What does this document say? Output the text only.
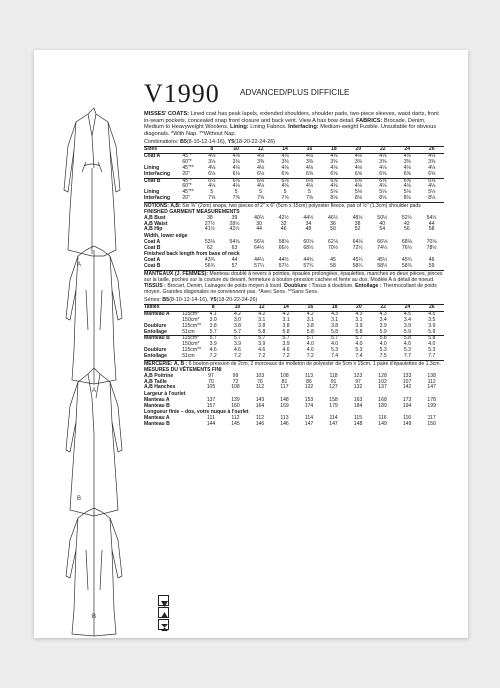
A
A
B
B
V1990 ADVANCED/PLUS DIFFICILE
MISSES' COATS: Lined coat has peak lapels, extended shoulders, shoulder pads, two-piece sleeves, waist darts, front in-seam pockets, concealed snap front closure and back vent. View A has bow detail. FABRICS: Brocade, Denim, Medium to Heavyweight Woolens. Lining: Lining Fabrics. Interfacing: Medium-weight Fusible. Unsuitable for obvious diagonals. *With Nap. **Without Nap.
Combinations: B5(8-10-12-14-16), Y5(18-20-22-24-26)
Sizes		8	10	12	14	16	18	20	22	24	26
Coat A	45"*	4⅛	4⅛	4⅛	4⅛	4⅛	4⅛	4⅛	4⅛	4⅛	4⅛
	60"*	3⅛	3⅛	3⅜	3⅜	3⅜	3⅜	3⅜	3⅜	3⅜	3⅜
Lining	45"**	4⅛	4⅛	4⅛	4⅛	4⅛	4⅛	4⅛	4⅛	4⅛	4⅛
Interfacing	20"	6⅛	6⅛	6⅛	6⅝	6⅝	6⅝	6⅝	6⅝	6⅝	6⅝
Coat B	45"*	6⅛	6⅛	6⅛	6⅛	6⅛	6⅛	6⅝	6⅝	6⅝	6⅝
	60"*	4⅛	4⅛	4⅛	4⅛	4⅛	4⅛	4⅛	4⅛	4⅛	4⅛
Lining	45"**	5	5	5	5	5	5⅛	5⅛	5⅛	5⅛	5⅛
Interfacing	20"	7⅝	7⅝	7⅝	7⅝	7⅝	8⅛	8⅛	8⅛	8⅛	8⅛
NOTIONS: A,B: Six ⅜" (2cm) snaps, two pieces of 2" x 6" (5cm x 15cm) polyester fleece, pair of ½" (1.3cm) shoulder pads
FINISHED GARMENT MEASUREMENTS											
A,B Bust		38	39	40½	42½	44½	46½	48½	50½	52½	54½
A,B Waist		27½	28½	30	32	34	36	38	40	42	44
A,B Hip		41½	42½	44	46	48	50	52	54	56	58
Width, lower edge											
Coat A		53⅛	54⅛	56⅛	58⅛	60⅛	62⅛	64⅛	66⅛	68⅛	70⅛
Coat B		62	63	64½	66½	68½	70½	72½	74½	76½	78½
Finished back length from base of neck											
Coat A		43¾	44	44¼	44½	44¾	45	45¼	45½	45¾	46
Coat B		56¾	57	57¼	57½	57¾	58	58¼	58½	58¾	59
MANTEAUX (J. FEMMES): Manteau doublé à revers à pointes, épaules prolongées, épaulettes, manches en deux pièces, pinces sur la taille, poches sur la couture du devant, fermeture à bouton-pression cachée et fente au dos. Modèle A à détail de noeud. TISSUS : Brocart, Denim, Lainages de poids moyen à lourd. Doublure : Tissus à doublure. Entoilage : Thermocollant de poids moyen. Grandes diagonales ne conviennent pas. *Avec Sens. **Sans Sens.
Séries: B5(8-10-12-14-16), Y5(18-20-22-24-26)
Tailles		8	10	12	14	16	18	20	22	24	26
Manteau A	115cm*	4.1	4.2	4.2	4.2	4.2	4.3	4.3	4.3	4.5	4.5
	150cm*	3.0	3.0	3.1	3.1	3.1	3.1	3.1	3.4	3.4	3.5
Doublure	115cm**	3.8	3.8	3.8	3.8	3.8	3.8	3.9	3.9	3.9	3.9
Entoilage	51cm	5.7	5.7	5.8	5.8	5.8	5.8	5.8	5.9	5.9	5.9
Manteau B	115cm*	5.7	5.7	5.7	5.7	5.7	5.7	5.7	5.8	5.8	5.8
	150cm*	3.9	3.9	3.9	3.9	4.0	4.0	4.0	4.0	4.0	4.0
Doublure	115cm**	4.6	4.6	4.6	4.6	4.6	5.3	5.3	5.3	5.3	5.3
Entoilage	51cm	7.2	7.2	7.2	7.2	7.2	7.4	7.4	7.5	7.7	7.7
MERCERIE: A, B : 6 bouton-pression de 2cm, 2 morceaux de molleton de polyester de 5cm x 15cm, 1 paire d'épaulettes de 1.3cm.
MESURES DU VÊTEMENTS FINI											
A,B Poitrine		97	99	103	108	113	118	123	128	133	138
A,B Taille		70	72	76	81	86	91	97	102	107	112
A,B Hanches		105	108	112	117	122	127	132	137	142	147
Largeur à l'ourlet											
Manteau A		137	139	143	148	153	158	163	168	173	178
Manteau B		157	160	164	169	174	179	184	189	194	199
Longueur finie – dos, votre nuque à l'ourlet											
Manteau A		111	112	112	113	114	114	115	116	116	117
Manteau B		144	145	146	146	147	147	148	149	149	150
